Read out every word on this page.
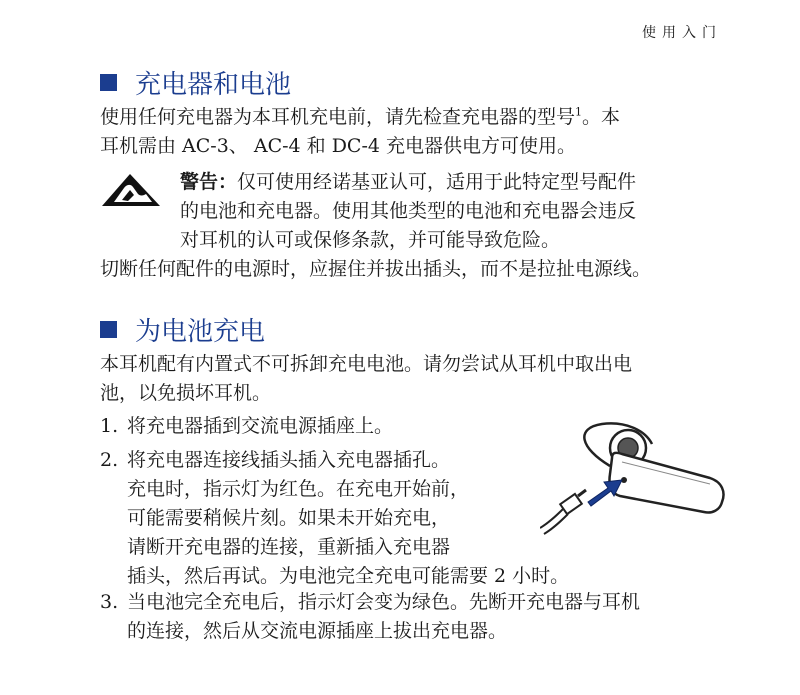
使用入门
充电器和电池
使用任何充电器为本耳机充电前，请先检查充电器的型号$^1$。本
耳机需由 AC-3、 AC-4 和 DC-4 充电器供电方可使用。
警告：仅可使用经诺基亚认可，适用于此特定型号配件
的电池和充电器。使用其他类型的电池和充电器会违反
对耳机的认可或保修条款，并可能导致危险。
切断任何配件的电源时，应握住并拔出插头，而不是拉扯电源线。
为电池充电
本耳机配有内置式不可拆卸充电电池。请勿尝试从耳机中取出电
池，以免损坏耳机。
1. 将充电器插到交流电源插座上。
2. 将充电器连接线插头插入充电器插孔。
充电时，指示灯为红色。在充电开始前，
可能需要稍候片刻。如果未开始充电，
请断开充电器的连接，重新插入充电器
插头，然后再试。为电池完全充电可能需要 2 小时。
3. 当电池完全充电后，指示灯会变为绿色。先断开充电器与耳机
的连接，然后从交流电源插座上拔出充电器。
